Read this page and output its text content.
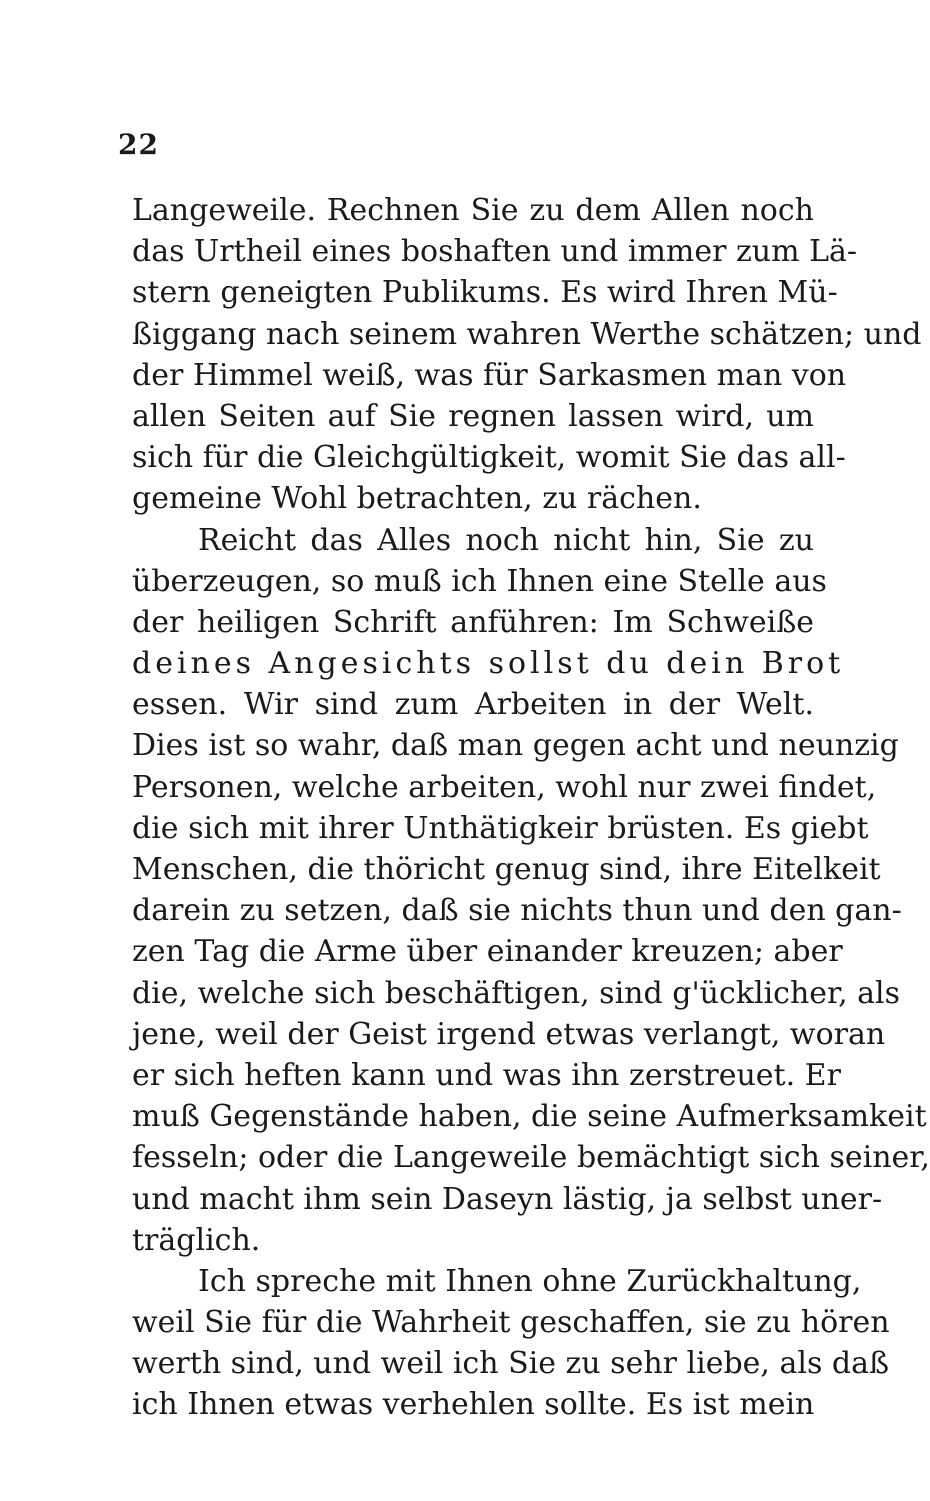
22
Langeweile. Rechnen Sie zu dem Allen noch
das Urtheil eines boshaften und immer zum Lä-
stern geneigten Publikums. Es wird Ihren Mü-
ßiggang nach seinem wahren Werthe schätzen; und
der Himmel weiß, was für Sarkasmen man von
allen Seiten auf Sie regnen lassen wird, um
sich für die Gleichgültigkeit, womit Sie das all-
gemeine Wohl betrachten, zu rächen.
Reicht das Alles noch nicht hin, Sie zu
überzeugen, so muß ich Ihnen eine Stelle aus
der heiligen Schrift anführen: Im Schweiße
deines Angesichts sollst du dein Brot
essen. Wir sind zum Arbeiten in der Welt.
Dies ist so wahr, daß man gegen acht und neunzig
Personen, welche arbeiten, wohl nur zwei findet,
die sich mit ihrer Unthätigkeir brüsten. Es giebt
Menschen, die thöricht genug sind, ihre Eitelkeit
darein zu setzen, daß sie nichts thun und den gan-
zen Tag die Arme über einander kreuzen; aber
die, welche sich beschäftigen, sind g'ücklicher, als
jene, weil der Geist irgend etwas verlangt, woran
er sich heften kann und was ihn zerstreuet. Er
muß Gegenstände haben, die seine Aufmerksamkeit
fesseln; oder die Langeweile bemächtigt sich seiner,
und macht ihm sein Daseyn lästig, ja selbst uner-
träglich.
Ich spreche mit Ihnen ohne Zurückhaltung,
weil Sie für die Wahrheit geschaffen, sie zu hören
werth sind, und weil ich Sie zu sehr liebe, als daß
ich Ihnen etwas verhehlen sollte. Es ist mein
